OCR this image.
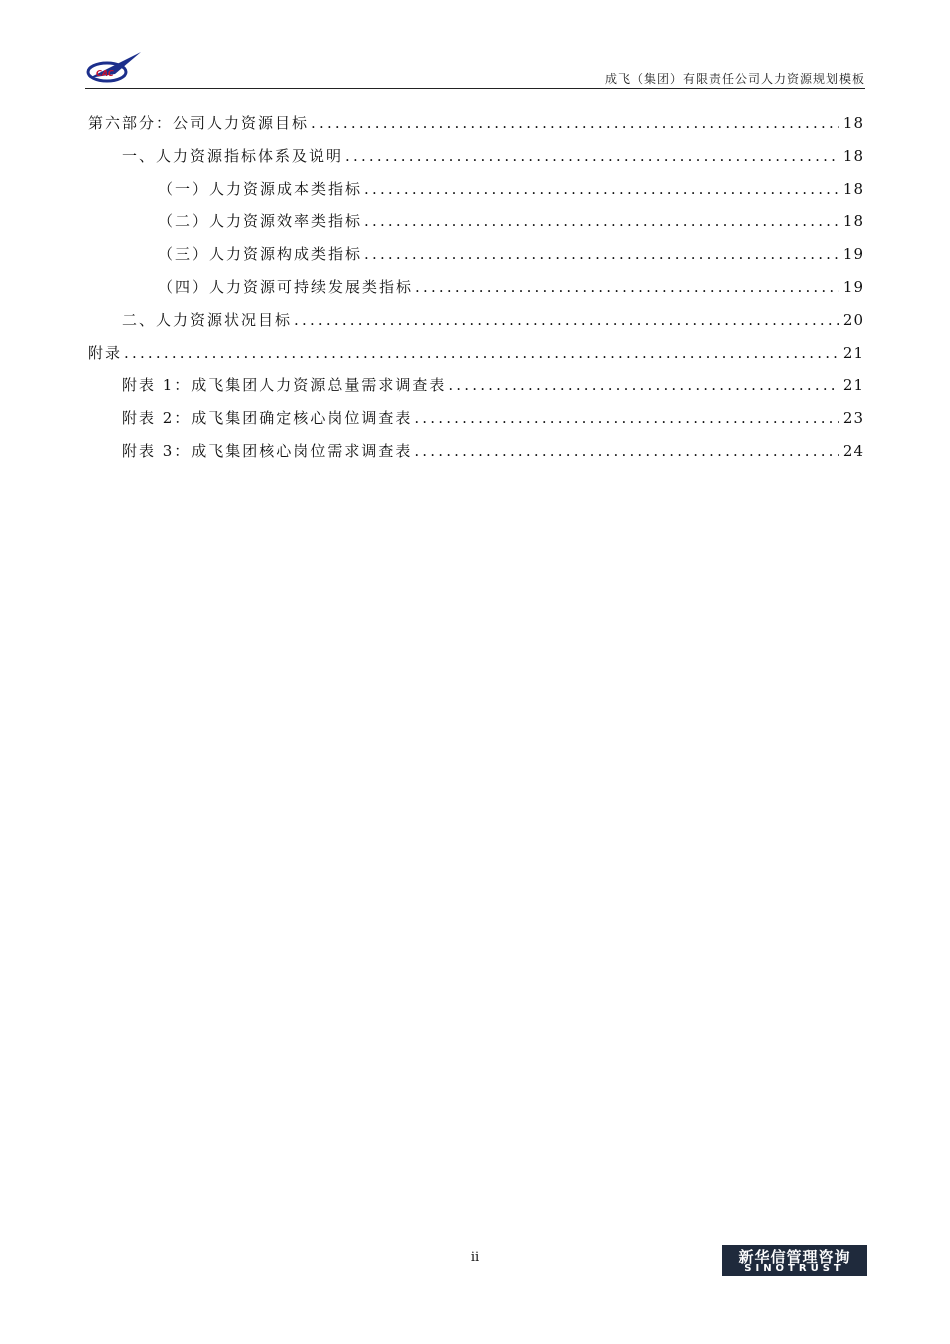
CAC	成飞（集团）有限责任公司人力资源规划模板
第六部分：公司人力资源目标 .....	18
一、人力资源指标体系及说明 .....	18
（一）人力资源成本类指标 .....	18
（二）人力资源效率类指标 .....	18
（三）人力资源构成类指标 .....	19
（四）人力资源可持续发展类指标 .....	19
二、人力资源状况目标 .....	20
附录 .....	21
附表 1：成飞集团人力资源总量需求调查表 .....	21
附表 2：成飞集团确定核心岗位调查表 .....	23
附表 3：成飞集团核心岗位需求调查表 .....	24
ii	新华信管理咨询
SINOTRUST
